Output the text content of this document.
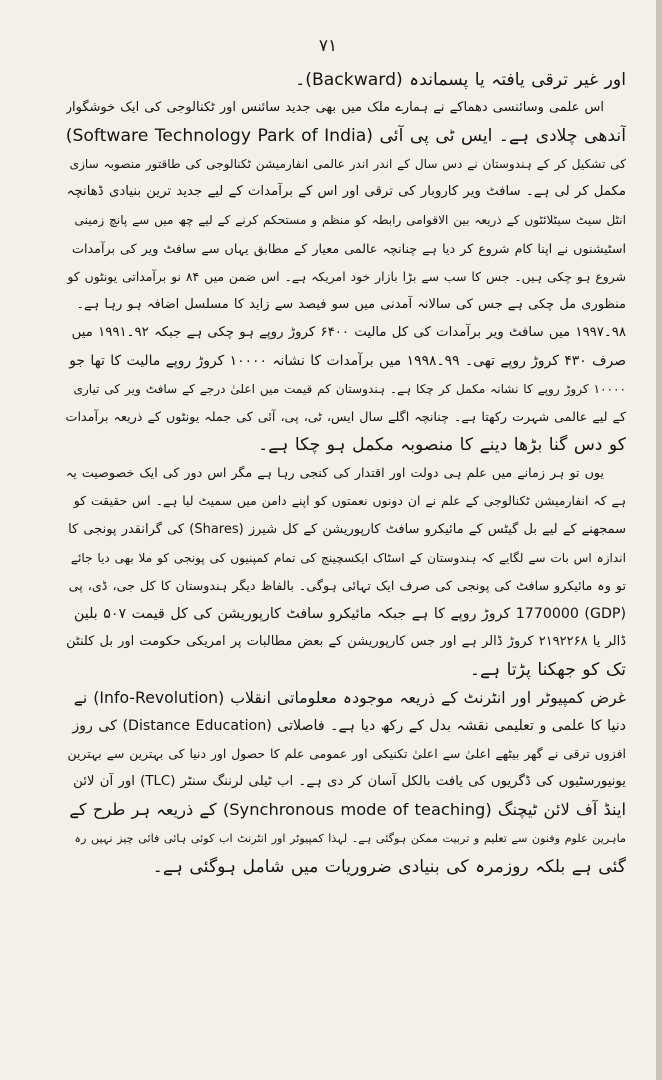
۷۱
اور غیر ترقی یافتہ یا پسماندہ (Backward)۔
اس علمی وسائنسی دھماکے نے ہمارے ملک میں بھی جدید سائنس اور ٹکنالوجی کی ایک خوشگوار
آندھی چلادی ہے۔ ایس ٹی پی آئی (Software Technology Park of India)
کی تشکیل کر کے ہندوستان نے دس سال کے اندر اندر عالمی انفارمیشن ٹکنالوجی کی طاقتور منصوبہ سازی
مکمل کر لی ہے۔ سافٹ ویر کاروبار کی ترقی اور اس کے برآمدات کے لیے جدید ترین بنیادی ڈھانچہ
انٹل سیٹ سیٹلائٹوں کے ذریعہ بین الاقوامی رابطہ کو منظم و مستحکم کرنے کے لیے چھ میں سے پانچ زمینی
اسٹیشنوں نے اپنا کام شروع کر دیا ہے چنانچہ عالمی معیار کے مطابق یہاں سے سافٹ ویر کی برآمدات
شروع ہو چکی ہیں۔ جس کا سب سے بڑا بازار خود امریکہ ہے۔ اس ضمن میں ۸۴ نو برآمداتی یونٹوں کو
منظوری مل چکی ہے جس کی سالانہ آمدنی میں سو فیصد سے زاید کا مسلسل اضافہ ہو رہا ہے۔
۹۸۔۱۹۹۷ میں سافٹ ویر برآمدات کی کل مالیت ۶۴۰۰ کروڑ روپے ہو چکی ہے جبکہ ۹۲۔۱۹۹۱ میں
صرف ۴۳۰ کروڑ روپے تھی۔ ۹۹۔۱۹۹۸ میں برآمدات کا نشانہ ۱۰۰۰۰ کروڑ روپے مالیت کا تھا جو
۱۰۰۰۰ کروڑ روپے کا نشانہ مکمل کر چکا ہے۔ ہندوستان کم قیمت میں اعلیٰ درجے کے سافٹ ویر کی تیاری
کے لیے عالمی شہرت رکھتا ہے۔ چنانچہ اگلے سال ایس، ٹی، پی، آئی کی جملہ یونٹوں کے ذریعہ برآمدات
کو دس گنا بڑھا دینے کا منصوبہ مکمل ہو چکا ہے۔
یوں تو ہر زمانے میں علم ہی دولت اور اقتدار کی کنجی رہا ہے مگر اس دور کی ایک خصوصیت یہ
ہے کہ انفارمیشن ٹکنالوجی کے علم نے ان دونوں نعمتوں کو اپنے دامن میں سمیٹ لیا ہے۔ اس حقیقت کو
سمجھنے کے لیے بل گیٹس کے مائیکرو سافٹ کارپوریشن کے کل شیرز (Shares) کی گرانقدر پونجی کا
اندازہ اس بات سے لگایے کہ ہندوستان کے اسٹاک ایکسچینج کی تمام کمپنیوں کی پونجی کو ملا بھی دیا جائے
تو وہ مائیکرو سافٹ کی پونجی کی صرف ایک تہائی ہوگی۔ بالفاظ دیگر ہندوستان کا کل جی، ڈی، پی
(GDP) 1770000 کروڑ روپے کا ہے جبکہ مائیکرو سافٹ کارپوریشن کی کل قیمت ۵۰۷ بلین
ڈالر یا ۲۱۹۲۲۶۸ کروڑ ڈالر ہے اور جس کارپوریشن کے بعض مطالبات پر امریکی حکومت اور بل کلنٹن
تک کو جھکنا پڑتا ہے۔
غرض کمپیوٹر اور انٹرنٹ کے ذریعہ موجودہ معلوماتی انقلاب (Info-Revolution) نے
دنیا کا علمی و تعلیمی نقشہ بدل کے رکھ دیا ہے۔ فاصلاتی (Distance Education) کی روز
افزوں ترقی نے گھر بیٹھے اعلیٰ سے اعلیٰ تکنیکی اور عمومی علم کا حصول اور دنیا کی بہترین سے بہترین
یونیورسٹیوں کی ڈگریوں کی یافت بالکل آسان کر دی ہے۔ اب ٹیلی لرننگ سنٹر (TLC) اور آن لائن
اینڈ آف لائن ٹیچنگ (Synchronous mode of teaching) کے ذریعہ ہر طرح کے
ماہرین علوم وفنون سے تعلیم و تربیت ممکن ہوگئی ہے۔ لہذا کمپیوٹر اور انٹرنٹ اب کوئی ہائی فائی چیز نہیں رہ
گئی ہے بلکہ روزمرہ کی بنیادی ضروریات میں شامل ہوگئی ہے۔
